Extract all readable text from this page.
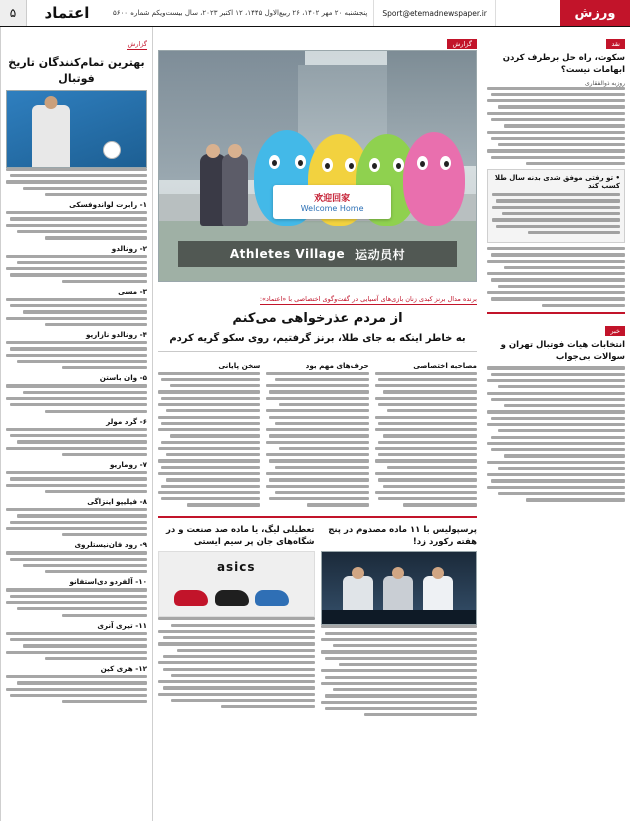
ورزش
Sport@etemadnewspaper.ir
پنجشنبه ۲۰ مهر ۱۴۰۲، ۲۶ ربیع‌الاول ۱۴۴۵، ۱۲ اکتبر ۲۰۲۳، سال بیست‌ویکم شماره ۵۶۰۰
اعتماد
۵
نقد
سکوت، راه حل برطرف کردن ابهامات نیست؟
روزبه ذوالفقاری
• تو رفتی موفق شدی بدنه سال طلا کسب کند
خبر
انتخابات هیات فوتبال تهران و سوالات بی‌جواب
گزارش
欢迎回家
Welcome Home
运动员村
Athletes Village
برنده مدال برنز کبدی زنان بازی‌های آسیایی در گفت‌وگوی اختصاصی با «اعتماد»:
از مردم عذرخواهی می‌کنم
به خاطر اینکه به جای طلا، برنز گرفتیم، روی سکو گریه کردم
مصاحبه اختصاصی
حرف‌های مهم بود
سخن پایانی
پرسپولیس با ۱۱ ماده مصدوم در پنج هفته رکورد زد!
تعطیلی لیگ، یا ماده صد صنعت و در شگاه‌های جان پر سیم ایستی
asics
گزارش
بهترین تمام‌کنندگان تاریخ فوتبال
۱- رابرت لواندوفسکی
۲- رونالدو
۳- مسی
۴- رونالدو نازاریو
۵- وان باستن
۶- گرد مولر
۷- روماریو
۸- فیلیپو اینزاگی
۹- رود فان‌نیستلروی
۱۰- آلفردو دی‌استفانو
۱۱- تیری آنری
۱۲- هری کین
